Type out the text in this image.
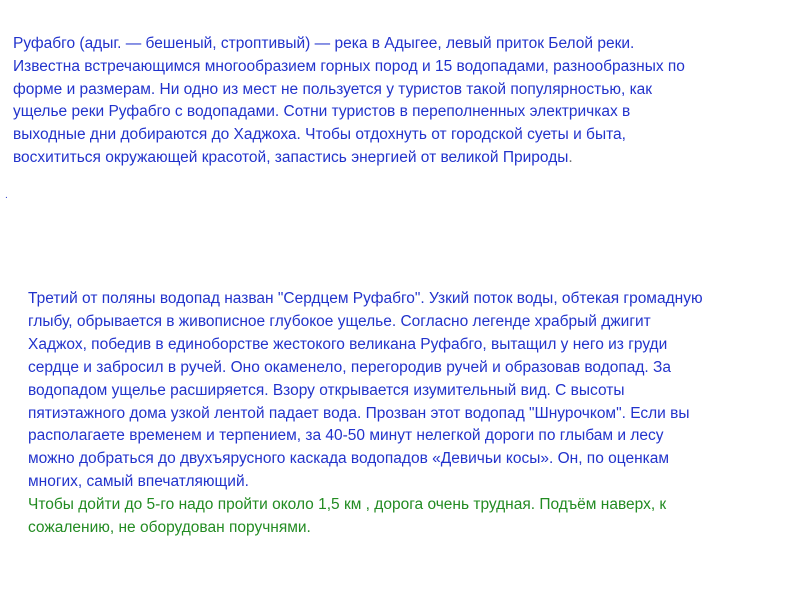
Руфабго (адыг. — бешеный, строптивый) — река в Адыгее, левый приток Белой реки.
Известна встречающимся многообразием горных пород и 15 водопадами, разнообразных по
форме и размерам. Ни одно из мест не пользуется у туристов такой популярностью, как
ущелье реки Руфабго с водопадами. Сотни туристов в переполненных электричках в
выходные дни добираются до Хаджоха. Чтобы отдохнуть от городской суеты и быта,
восхититься окружающей красотой, запастись энергией от великой Природы.
.
Третий от поляны водопад назван "Сердцем Руфабго". Узкий поток воды, обтекая громадную
глыбу, обрывается в живописное глубокое ущелье. Согласно легенде храбрый джигит
Хаджох, победив в единоборстве жестокого великана Руфабго, вытащил у него из груди
сердце и забросил в ручей. Оно окаменело, перегородив ручей и образовав водопад. За
водопадом ущелье расширяется. Взору открывается изумительный вид. С высоты
пятиэтажного дома узкой лентой падает вода. Прозван этот водопад "Шнурочком". Если вы
располагаете временем и терпением, за 40-50 минут нелегкой дороги по глыбам и лесу
можно добраться до двухъярусного каскада водопадов «Девичьи косы». Он, по оценкам
многих, самый впечатляющий.
Чтобы дойти до 5-го надо пройти около 1,5 км , дорога очень трудная. Подъём наверх, к
сожалению, не оборудован поручнями.
